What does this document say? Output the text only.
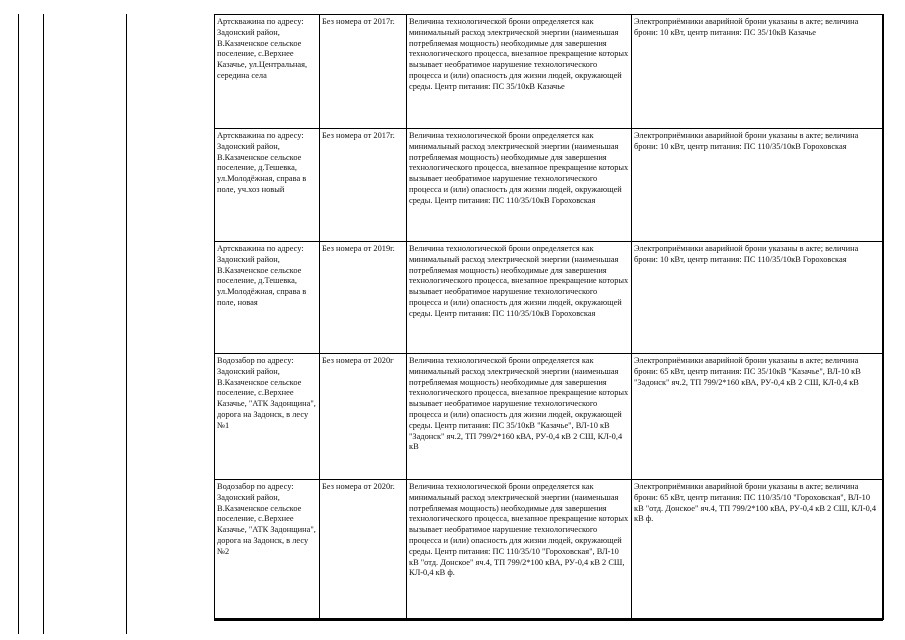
Артскважина по адресу: Задонский район, В.Казаченское сельское поселение, с.Верхнее Казачье, ул.Центральная, середина села	Без номера от 2017г.	Величина технологической брони определяется как минимальный расход электрической энергии (наименьшая потребляемая мощность) необходимые для завершения технологического процесса, внезапное прекращение которых вызывает необратимое нарушение технологического процесса и (или) опасность для жизни людей, окружающей среды. Центр питания: ПС 35/10кВ Казачье	Электроприёмники аварийной брони указаны в акте; величина брони: 10 кВт, центр питания: ПС 35/10кВ Казачье
Артскважина по адресу: Задонский район, В.Казаченское сельское поселение, д.Тешевка, ул.Молодёжная, справа в поле, уч.хоз новый	Без номера от 2017г.	Величина технологической брони определяется как минимальный расход электрической энергии (наименьшая потребляемая мощность) необходимые для завершения технологического процесса, внезапное прекращение которых вызывает необратимое нарушение технологического процесса и (или) опасность для жизни людей, окружающей среды. Центр питания: ПС 110/35/10кВ Гороховская	Электроприёмники аварийной брони указаны в акте; величина брони: 10 кВт, центр питания: ПС 110/35/10кВ Гороховская
Артскважина по адресу: Задонский район, В.Казаченское сельское поселение, д.Тешевка, ул.Молодёжная, справа в поле, новая	Без номера от 2019г.	Величина технологической брони определяется как минимальный расход электрической энергии (наименьшая потребляемая мощность) необходимые для завершения технологического процесса, внезапное прекращение которых вызывает необратимое нарушение технологического процесса и (или) опасность для жизни людей, окружающей среды. Центр питания: ПС 110/35/10кВ Гороховская	Электроприёмники аварийной брони указаны в акте; величина брони: 10 кВт, центр питания: ПС 110/35/10кВ Гороховская
Водозабор по адресу: Задонский район, В.Казаченское сельское поселение, с.Верхнее Казачье, "АТК Задонщина", дорога на Задонск, в лесу №1	Без номера от 2020г	Величина технологической брони определяется как минимальный расход электрической энергии (наименьшая потребляемая мощность) необходимые для завершения технологического процесса, внезапное прекращение которых вызывает необратимое нарушение технологического процесса и (или) опасность для жизни людей, окружающей среды. Центр питания: ПС 35/10кВ "Казачье", ВЛ-10 кВ "Задонск" яч.2, ТП 799/2*160 кВА, РУ-0,4 кВ 2 СШ, КЛ-0,4 кВ	Электроприёмники аварийной брони указаны в акте; величина брони: 65 кВт, центр питания: ПС 35/10кВ "Казачье", ВЛ-10 кВ "Задонск" яч.2, ТП 799/2*160 кВА, РУ-0,4 кВ 2 СШ, КЛ-0,4 кВ
Водозабор по адресу: Задонский район, В.Казаченское сельское поселение, с.Верхнее Казачье, "АТК Задонщина", дорога на Задонск, в лесу №2	Без номера от 2020г.	Величина технологической брони определяется как минимальный расход электрической энергии (наименьшая потребляемая мощность) необходимые для завершения технологического процесса, внезапное прекращение которых вызывает необратимое нарушение технологического процесса и (или) опасность для жизни людей, окружающей среды. Центр питания: ПС 110/35/10 "Гороховская", ВЛ-10 кВ "отд. Донское" яч.4, ТП 799/2*100 кВА, РУ-0,4 кВ 2 СШ, КЛ-0,4 кВ ф.	Электроприёмники аварийной брони указаны в акте; величина брони: 65 кВт, центр питания: ПС 110/35/10 "Гороховская", ВЛ-10 кВ "отд. Донское" яч.4, ТП 799/2*100 кВА, РУ-0,4 кВ 2 СШ, КЛ-0,4 кВ ф.
